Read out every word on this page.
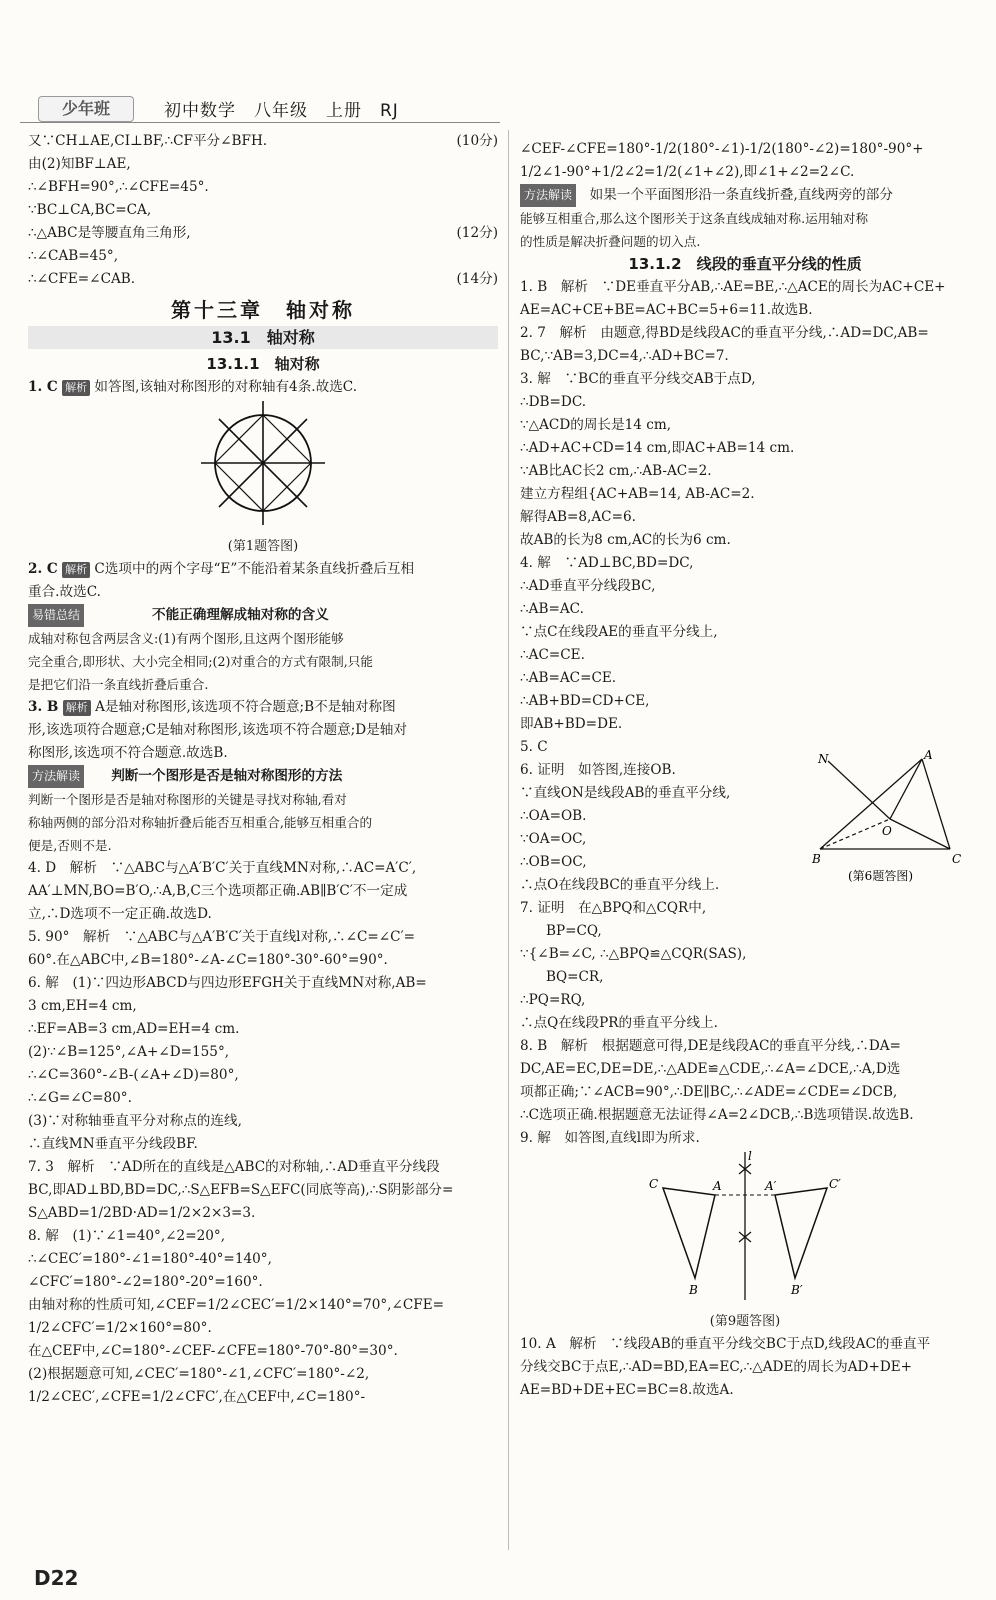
少年班	初中数学　八年级　上册　RJ

又∵CH⊥AE,CI⊥BF,∴CF平分∠BFH.	(10分)

由(2)知BF⊥AE,

∴∠BFH=90°,∴∠CFE=45°.

∵BC⊥CA,BC=CA,

∴△ABC是等腰直角三角形,	(12分)

∴∠CAB=45°,

∴∠CFE=∠CAB.	(14分)

第十三章　轴对称
13.1　轴对称
13.1.1　轴对称

1. C 解析 如答图,该轴对称图形的对称轴有4条.故选C.

(第1题答图)

2. C 解析 C选项中的两个字母“E”不能沿着某条直线折叠后互相

重合.故选C.

易错总结　　　　　	不能正确理解成轴对称的含义

成轴对称包含两层含义:(1)有两个图形,且这两个图形能够

完全重合,即形状、大小完全相同;(2)对重合的方式有限制,只能

是把它们沿一条直线折叠后重合.

3. B 解析 A是轴对称图形,该选项不符合题意;B不是轴对称图

形,该选项符合题意;C是轴对称图形,该选项不符合题意;D是轴对

称图形,该选项不符合题意.故选B.

方法解读　　 判断一个图形是否是轴对称图形的方法

判断一个图形是否是轴对称图形的关键是寻找对称轴,看对

称轴两侧的部分沿对称轴折叠后能否互相重合,能够互相重合的

便是,否则不是.

4. D　解析　∵△ABC与△A′B′C′关于直线MN对称,∴AC=A′C′,

AA′⊥MN,BO=B′O,∴A,B,C三个选项都正确.AB∥B′C′不一定成

立,∴D选项不一定正确.故选D.

5. 90°　解析　∵△ABC与△A′B′C′关于直线l对称,∴∠C=∠C′=

60°.在△ABC中,∠B=180°-∠A-∠C=180°-30°-60°=90°.

6. 解　(1)∵四边形ABCD与四边形EFGH关于直线MN对称,AB=

3 cm,EH=4 cm,

∴EF=AB=3 cm,AD=EH=4 cm.

(2)∵∠B=125°,∠A+∠D=155°,

∴∠C=360°-∠B-(∠A+∠D)=80°,

∴∠G=∠C=80°.

(3)∵对称轴垂直平分对称点的连线,

∴直线MN垂直平分线段BF.

7. 3　解析　∵AD所在的直线是△ABC的对称轴,∴AD垂直平分线段

BC,即AD⊥BD,BD=DC,∴S△EFB=S△EFC(同底等高),∴S阴影部分=

S△ABD=1/2BD·AD=1/2×2×3=3.

8. 解　(1)∵∠1=40°,∠2=20°,

∴∠CEC′=180°-∠1=180°-40°=140°,

∠CFC′=180°-∠2=180°-20°=160°.

由轴对称的性质可知,∠CEF=1/2∠CEC′=1/2×140°=70°,∠CFE=

1/2∠CFC′=1/2×160°=80°.

在△CEF中,∠C=180°-∠CEF-∠CFE=180°-70°-80°=30°.

(2)根据题意可知,∠CEC′=180°-∠1,∠CFC′=180°-∠2,

1/2∠CEC′,∠CFE=1/2∠CFC′,在△CEF中,∠C=180°-

∠CEF-∠CFE=180°-1/2(180°-∠1)-1/2(180°-∠2)=180°-90°+

1/2∠1-90°+1/2∠2=1/2(∠1+∠2),即∠1+∠2=2∠C.

方法解读　 如果一个平面图形沿一条直线折叠,直线两旁的部分

能够互相重合,那么这个图形关于这条直线成轴对称.运用轴对称

的性质是解决折叠问题的切入点.

13.1.2　线段的垂直平分线的性质

1. B　解析　∵DE垂直平分AB,∴AE=BE,∴△ACE的周长为AC+CE+

AE=AC+CE+BE=AC+BC=5+6=11.故选B.

2. 7　解析　由题意,得BD是线段AC的垂直平分线,∴AD=DC,AB=

BC,∵AB=3,DC=4,∴AD+BC=7.

3. 解　∵BC的垂直平分线交AB于点D,

∴DB=DC.

∵△ACD的周长是14 cm,

∴AD+AC+CD=14 cm,即AC+AB=14 cm.

∵AB比AC长2 cm,∴AB-AC=2.

建立方程组{AC+AB=14, AB-AC=2.

解得AB=8,AC=6.

故AB的长为8 cm,AC的长为6 cm.

4. 解　∵AD⊥BC,BD=DC,

∴AD垂直平分线段BC,

∴AB=AC.

∵点C在线段AE的垂直平分线上,

∴AC=CE.

∴AB=AC=CE.

∴AB+BD=CD+CE,

即AB+BD=DE.

5. C

6. 证明　如答图,连接OB.

∵直线ON是线段AB的垂直平分线,

∴OA=OB.

∵OA=OC,

∴OB=OC,

∴点O在线段BC的垂直平分线上.

N	A
O
B	C
(第6题答图)

7. 证明　在△BPQ和△CQR中,

BP=CQ,

∵{∠B=∠C, ∴△BPQ≌△CQR(SAS),

BQ=CR,

∴PQ=RQ,

∴点Q在线段PR的垂直平分线上.

8. B　解析　根据题意可得,DE是线段AC的垂直平分线,∴DA=

DC,AE=EC,DE=DE,∴△ADE≌△CDE,∴∠A=∠DCE,∴A,D选

项都正确;∵∠ACB=90°,∴DE∥BC,∴∠ADE=∠CDE=∠DCB,

∴C选项正确.根据题意无法证得∠A=2∠DCB,∴B选项错误.故选B.

9. 解　如答图,直线l即为所求.

l
C	A	A′	C′
B	B′

(第9题答图)

10. A　解析　∵线段AB的垂直平分线交BC于点D,线段AC的垂直平

分线交BC于点E,∴AD=BD,EA=EC,∴△ADE的周长为AD+DE+

AE=BD+DE+EC=BC=8.故选A.

D22
